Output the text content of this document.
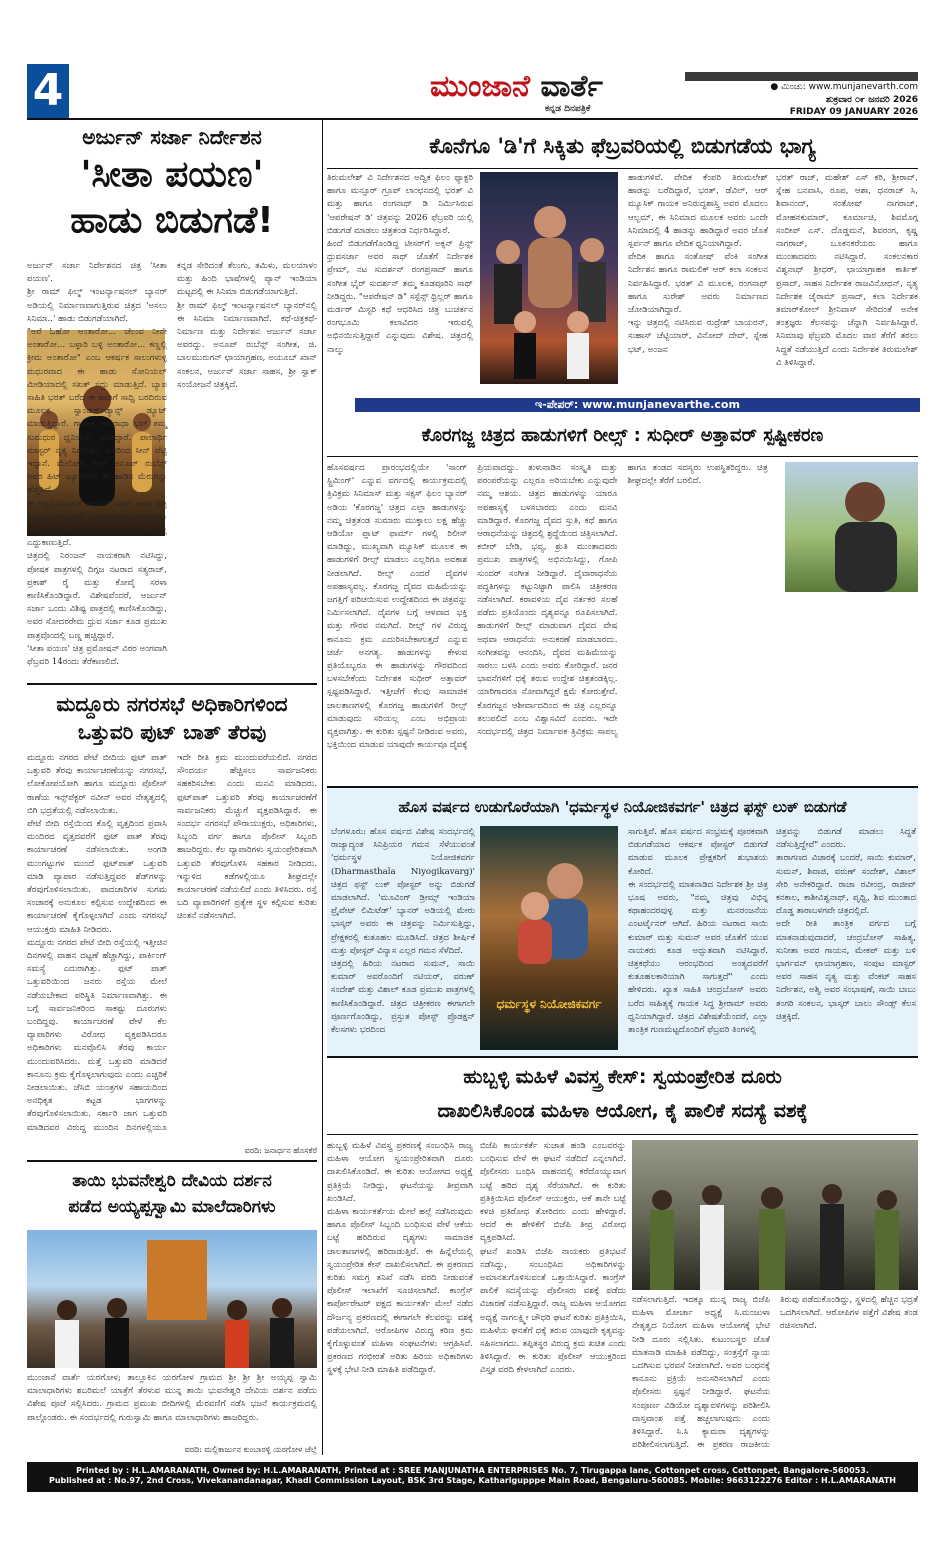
4	ಮುಂಜಾನೆ ವಾರ್ತೆ
ಕನ್ನಡ ದಿನಪತ್ರಿಕೆ
● ಮಿಂಚು: www.munjanevarth.com
ಶುಕ್ರವಾರ ೦೯ ಜನವರಿ 2026
FRIDAY 09 JANUARY 2026
ಅರ್ಜುನ್ ಸರ್ಜಾ ನಿರ್ದೇಶನ
'ಸೀತಾ ಪಯಣ'
ಹಾಡು ಬಿಡುಗಡೆ!
ಅರ್ಜುನ್ ಸರ್ಜಾ ನಿರ್ದೇಶನದ ಚಿತ್ರ 'ಸೀತಾ ಪಯಣ'.
ಶ್ರೀ ರಾಮ್ ಫಿಲ್ಮ್ ಇಂಟರ್ನ್ಯಾಷನಲ್ ಬ್ಯಾನರ್ ಅಡಿಯಲ್ಲಿ ನಿರ್ಮಾಣವಾಗುತ್ತಿರುವ ಚಿತ್ರದ 'ಅಸಲು ಸಿನಿಮಾ..' ಹಾಡು ಬಿಡುಗಡೆಯಾಗಿದೆ.
"ಅರೆ ಓಹೋ ಅಂತಾರೋ... ಚೆಲುವ ನೀನೇ ಅಂತಾರೋ... ಬಳ್ಳಾರಿ ಬಳ್ಳಿ ಅಂತಾರೋ... ಕಣ್ಣಲ್ಲಿ ಕ್ರೀಮ ಅಂತಾರೋ" ಎಂಬ ಆಕರ್ಷಕ ಸಾಲುಗಳುಳ್ಳ ಮಧುರವಾದ ಈ ಹಾಡು ಸೋನಿಯಲ್ ಮೀಡಿಯಾದಲ್ಲಿ ಸಖತ್ ಸದ್ದು ಮಾಡುತ್ತಿದೆ. ಬ್ಯಾಪ ಸಾಹಿತಿ ಭರತ್ ಬರೆದ ಈ ಹಾಡಿಗೆ ಸಾಧ್ವಿ ಬರದಿರುವ ಮೂಲಕ ಸ್ವಾಂಡರ್ಡ್‌ಡ್ಯಾನ್ಸ್ ಡ್ಯೂಟ್ ಮಾಡುತ್ತಿದ್ದಾರೆ. ಗಾಯಕ ಅನುರಾಧಾ ಭಟ್ ತಮ್ಮ ಸುಮಧುರ ಧ್ವನಿಯಲ್ಲಿ ಹಾಡಿದ್ದಾರೆ. ಪಾಲಾರ್ಥಿ ಮಾಸ್ಟರ್ ನೃತ್ಯ ನಿರ್ದೇಶಕ. ಐವರಿಂದ ಸೀನ್‌ ಪೆಟ್ಟಿ ಇದ್ದಾನೆ. ಮೆಲೋಡಿ ಕಿಂಗ್ ಅನೂಪ್ ರುಬೆನ್ಸ್ ಅವರ ಹಿಟ್ ಟ್ಯೂನ್‌ಗಳು ಈ ಹಾಡಿನ ಮೆರುಗನ್ನು ಹೆಚ್ಚಿಸಿವೆ.
ಈ ಚಿತ್ರದ ಮೂಲಕ ಅರ್ಜುನ್ ಸರ್ಜಾ ಅವರ ಪುತ್ರಿ ಐಶ್ವರ್ಯ ಅರ್ಜುನ್ ನಾಯಕಿಯಾಗಿ ನಟಿಸುತ್ತಿದ್ದು ಅವರ ಗ್ಲಾಮರ್ ಮತ್ತು ಸ್ಕ್ರೀನ್ ಪ್ರೆಸೆನ್ಸ್ ಹಾಡಿನಲ್ಲಿ ಎದ್ದುಕಾಣುತ್ತಿದೆ.
ಚಿತ್ರದಲ್ಲಿ ನಿರಂಜನ್ ನಾಯಕರಾಗಿ ನಟಿಸಿದ್ದು, ಪೋಷಕ ಪಾತ್ರಗಳಲ್ಲಿ ದಿಗ್ಗಜ ನಟರಾದ ಸತ್ಯರಾಜ್, ಪ್ರಕಾಶ್ ರೈ ಮತ್ತು ಕೋವೈ ಸರಳಾ ಕಾಣಿಸಿಕೊಂಡಿದ್ದಾರೆ. ವಿಶೇಷವೆಂದರೆ, ಅರ್ಜುನ್ ಸರ್ಜಾ ಒಂದು ವಿಶಿಷ್ಟ ಪಾತ್ರದಲ್ಲಿ ಕಾಣಿಸಿಕೊಂಡಿದ್ದು, ಅವರ ಸೋದರರೇಮ ಧ್ರುವ ಸರ್ಜಾ ಕೂಡ ಪ್ರಮುಖ ಪಾತ್ರವೊಂದಲ್ಲಿ ಬಣ್ಣ ಹಚ್ಚಿದ್ದಾರೆ.
'ಸೀತಾ ಪಯಣ' ಚಿತ್ರ ಪ್ರಮೋಷನ್ ವಿಠರ ಅಂಗವಾಗಿ ಫೆಬ್ರವರಿ 14ರಂದು ತೆರೆಕಾಣಲಿದೆ.
ಕನ್ನಡ ಸೇರಿದಂತೆ ತೆಲುಗು, ತಮಿಳು, ಮಲಯಾಳಂ ಮತ್ತು ಹಿಂದಿ ಭಾಷೆಗಳಲ್ಲಿ ಪ್ಯಾನ್ ಇಂಡಿಯಾ ಮಟ್ಟದಲ್ಲಿ ಈ ಸಿನಿಮಾ ಬಿಡುಗಡೆಯಾಗುತ್ತಿದೆ.
ಶ್ರೀ ರಾಮ್ ಫಿಲ್ಮ್ ಇಂಟರ್ನ್ಯಾಷನಲ್ ಬ್ಯಾನರ್‌ನಲ್ಲಿ ಈ ಸಿನಿಮಾ ನಿರ್ಮಾಣವಾಗಿದೆ. ಕಥೆ-ಚಿತ್ರಕಥೆ-ನಿರ್ಮಾಣ ಮತ್ತು ನಿರ್ದೇಶನ ಅರ್ಜುನ್ ಸರ್ಜಾ ಅವರದ್ದು. ಅನೂಪ್ ರುಬೆನ್ಸ್ ಸಂಗೀತ, ಜಿ. ಬಾಲಮುರುಗನ್ ಛಾಯಾಗ್ರಹಣ, ಅಯೂಬ್ ಖಾನ್ ಸಂಕಲನ, ಅರ್ಜುನ್ ಸರ್ಜಾ ಸಾಹಸ, ಶ್ರೀ ಸ್ವಾಕ್ ಸಂಯೋಜನೆ ಚಿತ್ರಕ್ಕಿದೆ.
ಮದ್ದೂರು ನಗರಸಭೆ ಅಧಿಕಾರಿಗಳಿಂದ
ಒತ್ತುವರಿ ಪುಟ್ ಬಾತ್ ತೆರವು
ಮದ್ದೂರು ನಗರದ ಪೇಟೆ ಬೀದಿಯ ಫುಟ್ ಪಾತ್ ಒತ್ತುವರಿ ತೆರವು ಕಾರ್ಯಾಚರಣೆಯನ್ನು ನಗರಸಭೆ, ಲೋಕೋಪಯೋಗಿ ಹಾಗೂ ಮದ್ದೂರು ಪೊಲೀಸ್ ಠಾಣೆಯ ಇನ್ಸ್‌ಪೆಕ್ಟರ್ ನವೀನ್ ಅವರ ನೇತೃತ್ವದಲ್ಲಿ ಬಿಗಿ ಭದ್ರತೆಯಲ್ಲಿ ನಡೆಸಲಾಯಿತು.
ಪೇಟೆ ಬೀದಿ ರಸ್ತೆಯಿಂದ ಕೊಲ್ಲಿ ವೃತ್ತದಿಂದ ಪ್ರವಾಸಿ ಮಂದಿರದ ವೃತ್ತದವರೆಗೆ ಫುಟ್ ಪಾತ್ ತೆರವು ಕಾರ್ಯಾಚರಣೆ ನಡೆಸಲಾಯಿತು. ಅಂಗಡಿ ಮುಂಗಟ್ಟುಗಳ ಮುಂದೆ ಫುಟ್‌ಪಾತ್ ಒತ್ತುವರಿ ಮಾಡಿ ವ್ಯಾಪಾರ ನಡೆಸುತ್ತಿದ್ದವರ ಶೆಡ್‌ಗಳನ್ನು ತೆರವುಗೊಳಿಸಲಾಯಿತು. ಪಾದಚಾರಿಗಳ ಸುಗಮ ಸಂಚಾರಕ್ಕೆ ಅನುಕೂಲ ಕಲ್ಪಿಸುವ ಉದ್ದೇಶದಿಂದ ಈ ಕಾರ್ಯಾಚರಣೆ ಕೈಗೊಳ್ಳಲಾಗಿದೆ ಎಂದು ನಗರಸಭೆ ಆಯುಕ್ತರು ಮಾಹಿತಿ ನೀಡಿದರು.
ಮದ್ದೂರು ನಗರದ ಪೇಟೆ ಬೀದಿ ರಸ್ತೆಯಲ್ಲಿ ಇತ್ತೀಚಿನ ದಿನಗಳಲ್ಲಿ ವಾಹನ ದಟ್ಟಣೆ ಹೆಚ್ಚಾಗಿದ್ದು, ಪಾರ್ಕಿಂಗ್ ಸಮಸ್ಯೆ ಎದುರಾಗಿತ್ತು. ಫುಟ್ ಪಾತ್ ಒತ್ತುವರಿಯಿಂದ ಜನರು ರಸ್ತೆಯ ಮೇಲೆ ನಡೆಯಬೇಕಾದ ಪರಿಸ್ಥಿತಿ ನಿರ್ಮಾಣವಾಗಿತ್ತು. ಈ ಬಗ್ಗೆ ಸಾರ್ವಜನಿಕರಿಂದ ಸಾಕಷ್ಟು ದೂರುಗಳು ಬಂದಿದ್ದವು. ಕಾರ್ಯಾಚರಣೆ ವೇಳೆ ಕೆಲ ವ್ಯಾಪಾರಿಗಳು ವಿರೋಧ ವ್ಯಕ್ತಪಡಿಸಿದರೂ ಅಧಿಕಾರಿಗಳು ಮನವೊಲಿಸಿ ತೆರವು ಕಾರ್ಯ ಮುಂದುವರಿಸಿದರು. ಮತ್ತೆ ಒತ್ತುವರಿ ಮಾಡಿದರೆ ಕಾನೂನು ಕ್ರಮ ಕೈಗೊಳ್ಳಲಾಗುವುದು ಎಂದು ಎಚ್ಚರಿಕೆ ನೀಡಲಾಯಿತು. ಜೆಸಿಬಿ ಯಂತ್ರಗಳ ಸಹಾಯದಿಂದ ಅನಧಿಕೃತ ಕಟ್ಟಡ ಭಾಗಗಳನ್ನು ತೆರವುಗೊಳಿಸಲಾಯಿತು. ಸರ್ಕಾರಿ ಜಾಗ ಒತ್ತುವರಿ ಮಾಡಿದವರ ವಿರುದ್ಧ ಮುಂದಿನ ದಿನಗಳಲ್ಲಿಯೂ ಇದೇ ರೀತಿ ಕ್ರಮ ಮುಂದುವರೆಯಲಿದೆ. ನಗರದ ಸೌಂದರ್ಯ ಹೆಚ್ಚಿಸಲು ಸಾರ್ವಜನಿಕರು ಸಹಕರಿಸಬೇಕು ಎಂದು ಮನವಿ ಮಾಡಿದರು. ಫುಟ್‌ಪಾತ್ ಒತ್ತುವರಿ ತೆರವು ಕಾರ್ಯಾಚರಣೆಗೆ ಸಾರ್ವಜನಿಕರು ಮೆಚ್ಚುಗೆ ವ್ಯಕ್ತಪಡಿಸಿದ್ದಾರೆ. ಈ ಸಂದರ್ಭ ನಗರಸಭೆ ಪೌರಾಯುಕ್ತರು, ಅಧಿಕಾರಿಗಳು, ಸಿಬ್ಬಂದಿ ವರ್ಗ ಹಾಗೂ ಪೊಲೀಸ್ ಸಿಬ್ಬಂದಿ ಹಾಜರಿದ್ದರು. ಕೆಲ ವ್ಯಾಪಾರಿಗಳು ಸ್ವಯಂಪ್ರೇರಿತವಾಗಿ ಒತ್ತುವರಿ ತೆರವುಗೊಳಿಸಿ ಸಹಕಾರ ನೀಡಿದರು. ಇನ್ನುಳಿದ ಕಡೆಗಳಲ್ಲಿಯೂ ಶೀಘ್ರದಲ್ಲೇ ಕಾರ್ಯಾಚರಣೆ ನಡೆಯಲಿದೆ ಎಂದು ತಿಳಿಸಿದರು. ರಸ್ತೆ ಬದಿ ವ್ಯಾಪಾರಿಗಳಿಗೆ ಪ್ರತ್ಯೇಕ ಸ್ಥಳ ಕಲ್ಪಿಸುವ ಕುರಿತು ಚಿಂತನೆ ನಡೆಸಲಾಗಿದೆ.
ವರದಿ: ಜನಾರ್ಧನ ಹೊಸಕೆರೆ
ತಾಯಿ ಭುವನೇಶ್ವರಿ ದೇವಿಯ ದರ್ಶನ
ಪಡೆದ ಅಯ್ಯಪ್ಪಸ್ವಾಮಿ ಮಾಲೆದಾರಿಗಳು
ಮುಂಜಾನೆ ವಾರ್ತೆ ಯರಗೋಳ; ತಾಲ್ಲೂಕಿನ ಯರಗೋಳ ಗ್ರಾಮದ ಶ್ರೀ ಶ್ರೀ ಶ್ರೀ ಅಯ್ಯಪ್ಪ ಸ್ವಾಮಿ ಮಾಲಾಧಾರಿಗಳು ಶಬರಿಮಲೆ ಯಾತ್ರೆಗೆ ತೆರಳುವ ಮುನ್ನ ತಾಯಿ ಭುವನೇಶ್ವರಿ ದೇವಿಯ ದರ್ಶನ ಪಡೆದು ವಿಶೇಷ ಪೂಜೆ ಸಲ್ಲಿಸಿದರು. ಗ್ರಾಮದ ಪ್ರಮುಖ ಬೀದಿಗಳಲ್ಲಿ ಮೆರವಣಿಗೆ ನಡೆಸಿ ಭಜನೆ ಕಾರ್ಯಕ್ರಮದಲ್ಲಿ ಪಾಲ್ಗೊಂಡರು. ಈ ಸಂದರ್ಭದಲ್ಲಿ ಗುರುಸ್ವಾಮಿ ಹಾಗೂ ಮಾಲಾಧಾರಿಗಳು ಹಾಜರಿದ್ದರು.
ವರದಿ: ಮಲ್ಲಿಕಾರ್ಜುನ ಕುಂಬಾರಳ್ಳಿ ಯರಗೋಳ ಜೆಲ್ಲೆ
ಕೊನೆಗೂ 'ಡಿ'ಗೆ ಸಿಕ್ಕಿತು ಫೆಬ್ರವರಿಯಲ್ಲಿ ಬಿಡುಗಡೆಯ ಭಾಗ್ಯ
ತಿರುಮಲೇಶ್ ವಿ ನಿರ್ದೇಶನದ ಅದ್ವಿಕ ಫಿಲಂ ಫ್ಯಾಕ್ಟರಿ ಹಾಗೂ ಮನ್ಸೂರ್ ಗ್ರೂಪ್ ಲಾಂಛನದಲ್ಲಿ ಭರತ್ ವಿ ಮತ್ತು ಹಾಗೂ ರಂಗನಾಥ್ ಡಿ ನಿರ್ಮಿಸಿರುವ 'ಆಪರೇಷನ್ ಡಿ' ಚಿತ್ರವನ್ನು 2026 ಫೆಬ್ರವರಿ ಯಲ್ಲಿ ಬಿಡುಗಡೆ ಮಾಡಲು ಚಿತ್ರತಂಡ ನಿರ್ಧರಿಸಿದ್ದಾರೆ.
ಹಿಂದೆ ಬಿಡುಗಡೆಗೊಂಡಿದ್ದ ಟೀಸರ್‌ಗೆ ಅಕ್ಸನ್ ಪ್ರಿನ್ಸ್ ಧ್ರುವಸರ್ಜಾ ಅವರ ಸಾಥ್ ಜೊತೆಗೆ ನಿರ್ದೇಶಕ ಪ್ರೇಮ್, ನಟ ಸುದರ್ಶನ್ ರಂಗಪ್ರಸಾದ್ ಹಾಗೂ ಸಂಗೀತ ಭೈರ್ ಸುದರ್ಶನ್ ತಮ್ಮ ಕೂಡವೂರಿನಿ ಸಾಥ್ ನೀಡಿದ್ದರು. "ಆಪರೇಷನ್ ಡಿ" ಸಸ್ಪೆನ್ಸ್ ಥ್ರಿಲ್ಲರ್ ಹಾಗೂ ಮರ್ಡರ್ ಮಿಸ್ಟರಿ ಕಥೆ ಆಧರಿಸಿದ ಚಿತ್ರ ಬುಚರ್ತನ ರಂಗಭೂಮಿ ಕಲಾವಿದರ ಇರುವಲ್ಲಿ ಅಭಿನಯಿಸುತ್ತಿದ್ದಾರೆ ಎನ್ನುವುದು ವಿಶೇಷ. ಚಿತ್ರದಲ್ಲಿ ನಾಲ್ಕು
ಹಾಡುಗಳಿವೆ. ವೇದಿಕ ಕೆಂಪರಿ ತಿರುಮಲೇಶ್ ಹಾಡನ್ನು ಬರೆದಿದ್ದಾರೆ, ಭರತ್, ಡೆವಿಲ್, ಆರ್ ಮ್ಯೂಸಿಕ್ ಗಾಯಕ ಅನಿರುದ್ಧಶಾಸ್ತ್ರಿ ಅವರ ಮೊದಲು ಆಲ್ಬಮ್, ಈ ಸಿನಿಮಾದ ಮೂಲಕ ಅವರು ಒಂದೇ ಸಿನಿಮಾದಲ್ಲಿ 4 ಹಾಡನ್ನು ಹಾಡಿದ್ದಾರೆ ಅವರ ಜೊತೆ ಸ್ಪರ್ಪನ್ ಹಾಗೂ ವೇದಿಕ ಧ್ವನಿಯಾಗಿದ್ದಾರೆ.
ವೇದಿಕ ಹಾಗೂ ಸಂತೋಷ್ ವೆಂಕಿ ಸಂಗೀತ ನಿರ್ದೇಶನ ಹಾಗೂ ರಾಮಲಿಕ್ ಆರ್ ಕಲಾ ಸಂಕಲನ ನಿರ್ವಹಿಸಿದ್ದಾರೆ. ಭರತ್ ವಿ ಮೂಲಕ, ರಂಗನಾಥ್ ಹಾಗೂ ಸುರೇಶ್ ಅವರು ನಿರ್ಮಾಣದ ಜೋಡಿಯಾಗಿದ್ದಾರೆ.
ಇನ್ನು ಚಿತ್ರದಲ್ಲಿ ನಟಿಸಿರುವ ರುದ್ರೇಶ್ ಬಾಯರನ್, ಸುಹಾಸ್ ಚೆಟ್ಟಿಯಾರ್, ವಿನೋದ್ ದೇವ್, ಸ್ನೇಹ ಭಟ್, ಅಂಜನ
ಭರತ್ ರಾಜ್, ಮಹೇಶ್ ಎಸ್ ಕರಿ, ಶ್ರೀರಾವ್, ಸ್ನೇಹ ಬನವಾಸಿ, ರೂಪ, ಆಶಾ, ಧನರಾಜ್ ಸಿ, ಶಿವಾನಂದ್, ಸಂತೋಷ್ ನಾಗರಾಜ್, ಮೋಹನಕುಮಾರ್, ಕೂರ್ಮಾಚಿ, ಶಿವಮೊಗ್ಗ ಸಂದೀಪ್ ಎಸ್. ದೊಡ್ಡಮನೆ, ಶಿವರಂಗ, ಕೃಷ್ಣ ನಾಗರಾಜ್, ಬೂಕನಕರೆಯರು ಹಾಗೂ ಮುಂತಾದವರು ನಟಿಸಿದ್ದಾರೆ. ಸಂಕಲನಕಾರ ವಿಶ್ವನಾಥ್ ಶ್ರೀಧರ್, ಛಾಯಾಗ್ರಾಹಕ ಕಾರ್ತಿಕ್ ಪ್ರಸಾದ್, ಸಾಹಸ ನಿರ್ದೇಶಕ ರಾಜವಿನೋಧನ್, ನೃತ್ಯ ನಿರ್ದೇಶಕ ಜೈರಾಮ್ ಪ್ರಸಾದ್, ಕಲಾ ನಿರ್ದೇಶಕ ತಮಾರ್‌ಕೋಲ್ ಶ್ರೀನಿವಾಸ್ ಸೇರಿದಂತೆ ಅನೇಕ ತಂತ್ರಜ್ಞರು ಕೆಲಸವನ್ನು ಚೆನ್ನಾಗಿ ನಿರ್ವಹಿಸಿದ್ದಾರೆ. ಸಿನಿಮಾವು ಫೆಬ್ರವರಿ ಮೊದಲ ವಾರ ತೆರೆಗೆ ತರಲು ಸಿದ್ಧತೆ ನಡೆಯುತ್ತಿದೆ ಎಂದು ನಿರ್ದೇಶಕ ತಿರುಮಲೇಶ್ ವಿ ತಿಳಿಸಿದ್ದಾರೆ.
ಇ-ಪೇಪರ್: www.munjanevarthe.com
ಕೊರಗಜ್ಜ ಚಿತ್ರದ ಹಾಡುಗಳಿಗೆ ರೀಲ್ಸ್ : ಸುಧೀರ್ ಅತ್ತಾವರ್ ಸ್ಪಷ್ಟೀಕರಣ
ಹೊಸವರ್ಷದ ಪ್ರಾರಂಭದಲ್ಲಿಯೇ 'ಸಾಂಗ್ ಸ್ಟ್ರಿಮಿಂಗ್' ಎನ್ನುವ ವರ್ಗದಲ್ಲಿ ಕಾರ್ಯಕ್ರಮದಲ್ಲಿ ತ್ರಿವಿಕ್ರಮ ಸಿನಿಮಾಸ್ ಮತ್ತು ಸಕ್ಸಸ್ ಫಿಲಂ ಬ್ಯಾನರ್ ಅಡಿಯ 'ಕೊರಗಜ್ಜ' ಚಿತ್ರದ ಎಲ್ಲಾ ಹಾಡುಗಳನ್ನು ನಮ್ಮ ಚಿತ್ರತಂಡ ಸುಮಾರು ಮುಕ್ಕಾಲು ಲಕ್ಷ ಹೆಚ್ಚು ಆಡಿಯೋ ಪ್ಲಾಟ್ ಫಾರ್ಮ್ ಗಳಲ್ಲಿ ರಿಲೀಸ್ ಮಾಡಿದ್ದು, ಮುಖ್ಯವಾಗಿ ಮ್ಯೂಸಿಕ್ ಮೂಲಕ ಈ ಹಾಡುಗಳಿಗೆ ರೀಲ್ಸ್ ಮಾಡಲು ಎಲ್ಲರಿಗೂ ಅವಕಾಶ ನೀಡಲಾಗಿದೆ. ರೀಲ್ಸ್ ಎಂದರೆ ದೈವಗಳ ಅಪಹಾಸ್ಯವಲ್ಲ. ಕೊರಗಜ್ಜ ದೈವದ ಮಹಿಮೆಯನ್ನು ಜಗತ್ತಿಗೆ ಪರಿಚಯಿಸುವ ಉದ್ದೇಶದಿಂದ ಈ ಚಿತ್ರವನ್ನು ನಿರ್ಮಿಸಲಾಗಿದೆ. ದೈವಗಳ ಬಗ್ಗೆ ಆಳವಾದ ಭಕ್ತಿ ಮತ್ತು ಗೌರವ ನಮಗಿದೆ. ರೀಲ್ಸ್ ಗಳ ವಿರುದ್ಧ ಕಾನೂನು ಕ್ರಮ ಎದುರಿಸಬೇಕಾಗುತ್ತದೆ ಎನ್ನುವ ಚರ್ಚೆ ಅನಗತ್ಯ. ಹಾಡುಗಳನ್ನು ಕೇಳುವ ಪ್ರತಿಯೊಬ್ಬರೂ ಈ ಹಾಡುಗಳನ್ನು ಗೌರವದಿಂದ ಬಳಸಬೇಕೆಂದು ನಿರ್ದೇಶಕ ಸುಧೀರ್ ಅತ್ತಾವರ್ ಸ್ಪಷ್ಟಪಡಿಸಿದ್ದಾರೆ. ಇತ್ತೀಚೆಗೆ ಕೆಲವು ಸಾಮಾಜಿಕ ಜಾಲತಾಣಗಳಲ್ಲಿ ಕೊರಗಜ್ಜ ಹಾಡುಗಳಿಗೆ ರೀಲ್ಸ್ ಮಾಡುವುದು ಸರಿಯಲ್ಲ ಎಂಬ ಅಭಿಪ್ರಾಯ ವ್ಯಕ್ತವಾಗಿತ್ತು. ಈ ಕುರಿತು ಸ್ಪಷ್ಟನೆ ನೀಡಿರುವ ಅವರು, ಭಕ್ತಿಯಿಂದ ಮಾಡುವ ಯಾವುದೇ ಕಾರ್ಯವೂ ದೈವಕ್ಕೆ ಪ್ರಿಯವಾದದ್ದು. ತುಳುನಾಡಿನ ಸಂಸ್ಕೃತಿ ಮತ್ತು ಪರಂಪರೆಯನ್ನು ಎಲ್ಲರೂ ಅರಿಯಬೇಕು ಎನ್ನುವುದೇ ನಮ್ಮ ಆಶಯ. ಚಿತ್ರದ ಹಾಡುಗಳನ್ನು ಯಾರೂ ಅಪಹಾಸ್ಯಕ್ಕೆ ಬಳಸಬಾರದು ಎಂದು ಮನವಿ ಮಾಡಿದ್ದಾರೆ. ಕೊರಗಜ್ಜ ದೈವದ ಸ್ತುತಿ, ಕಥೆ ಹಾಗೂ ಆರಾಧನೆಯನ್ನು ಚಿತ್ರದಲ್ಲಿ ಶ್ರದ್ಧೆಯಿಂದ ಚಿತ್ರಿಸಲಾಗಿದೆ. ಕಬೀರ್ ಬೇಡಿ, ಭವ್ಯ, ಶ್ರುತಿ ಮುಂತಾದವರು ಪ್ರಮುಖ ಪಾತ್ರಗಳಲ್ಲಿ ಅಭಿನಯಿಸಿದ್ದು, ಗೋಪಿ ಸುಂದರ್ ಸಂಗೀತ ನೀಡಿದ್ದಾರೆ. ದೈವಾರಾಧನೆಯ ಪದ್ಧತಿಗಳನ್ನು ಕಟ್ಟುನಿಟ್ಟಾಗಿ ಪಾಲಿಸಿ ಚಿತ್ರೀಕರಣ ನಡೆಸಲಾಗಿದೆ. ಕರಾವಳಿಯ ದೈವ ನರ್ತಕರ ಸಲಹೆ ಪಡೆದು ಪ್ರತಿಯೊಂದು ದೃಶ್ಯವನ್ನೂ ರೂಪಿಸಲಾಗಿದೆ. ಹಾಡುಗಳಿಗೆ ರೀಲ್ಸ್ ಮಾಡುವಾಗ ದೈವದ ವೇಷ ಅಥವಾ ಆರಾಧನೆಯ ಅನುಕರಣೆ ಮಾಡಬಾರದು. ಸಂಗೀತವನ್ನು ಆನಂದಿಸಿ, ದೈವದ ಮಹಿಮೆಯನ್ನು ಸಾರಲು ಬಳಸಿ ಎಂದು ಅವರು ಕೋರಿದ್ದಾರೆ. ಜನರ ಭಾವನೆಗಳಿಗೆ ಧಕ್ಕೆ ತರುವ ಉದ್ದೇಶ ಚಿತ್ರತಂಡಕ್ಕಿಲ್ಲ. ಯಾರಿಗಾದರೂ ನೋವಾಗಿದ್ದರೆ ಕ್ಷಮೆ ಕೋರುತ್ತೇವೆ. ಕೊರಗಜ್ಜನ ಆಶೀರ್ವಾದದಿಂದ ಈ ಚಿತ್ರ ಎಲ್ಲರನ್ನೂ ತಲುಪಲಿದೆ ಎಂಬ ವಿಶ್ವಾಸವಿದೆ ಎಂದರು. ಇದೇ ಸಂದರ್ಭದಲ್ಲಿ ಚಿತ್ರದ ನಿರ್ಮಾಪಕ ತ್ರಿವಿಕ್ರಮ ಸಾಪಲ್ಯ ಹಾಗೂ ತಂಡದ ಸದಸ್ಯರು ಉಪಸ್ಥಿತರಿದ್ದರು. ಚಿತ್ರ ಶೀಘ್ರದಲ್ಲೇ ತೆರೆಗೆ ಬರಲಿದೆ.
ಹೊಸ ವರ್ಷದ ಉಡುಗೊರೆಯಾಗಿ 'ಧರ್ಮಸ್ಥಳ ನಿಯೋಜಿಕವರ್ಗ' ಚಿತ್ರದ ಫಸ್ಟ್ ಲುಕ್ ಬಿಡುಗಡೆ
ಧರ್ಮಸ್ಥಳ ನಿಯೋಜಿಕವರ್ಗ
ಬೆಂಗಳೂರು: ಹೊಸ ವರ್ಷದ ವಿಶೇಷ ಸಂದರ್ಭದಲ್ಲಿ ರಾಜ್ಯಾದ್ಯಂತ ಸಿನಿಪ್ರಿಯರ ಗಮನ ಸೆಳೆಯುವಂತೆ 'ಧರ್ಮಸ್ಥಳ ನಿಯೋಜಿಕವರ್ಗ (Dharmasthala Niyogikavarg)' ಚಿತ್ರದ ಫಸ್ಟ್ ಲುಕ್ ಪೋಸ್ಟರ್ ಅನ್ನು ಬಿಡುಗಡೆ ಮಾಡಲಾಗಿದೆ. 'ಮೂವಿಂಗ್ ಡ್ರೀಮ್ಸ್ ಇಂಡಿಯಾ ಪ್ರೈವೇಟ್ ಲಿಮಿಟೆಡ್' ಬ್ಯಾನರ್ ಅಡಿಯಲ್ಲಿ ಮೇರು ಭಾಸ್ಕರ್ ಅವರು ಈ ಚಿತ್ರವನ್ನು ನಿರ್ಮಿಸುತ್ತಿದ್ದು, ಪ್ರೇಕ್ಷಕರಲ್ಲಿ ಕುತೂಹಲ ಮೂಡಿಸಿದೆ. ಚಿತ್ರದ ಶೀರ್ಷಿಕೆ ಮತ್ತು ಪೋಸ್ಟರ್ ವಿನ್ಯಾಸ ಎಲ್ಲರ ಗಮನ ಸೆಳೆದಿದೆ.
ಚಿತ್ರದಲ್ಲಿ ಹಿರಿಯ ನಟರಾದ ಸುಮನ್, ಸಾಯಿ ಕುಮಾರ್ ಅವರೊಂದಿಗೆ ನಟಿಯರ್, ವರುಣ್ ಸಂದೇಶ್ ಮತ್ತು ವಿಶಾಲ್ ಕೂಡ ಪ್ರಮುಖ ಪಾತ್ರಗಳಲ್ಲಿ ಕಾಣಿಸಿಕೊಂಡಿದ್ದಾರೆ. ಚಿತ್ರದ ಚಿತ್ರೀಕರಣ ಈಗಾಗಲೇ ಪೂರ್ಣಗೊಂಡಿದ್ದು, ಪ್ರಸ್ತುತ ಪೋಸ್ಟ್ ಪ್ರೊಡಕ್ಷನ್ ಕೆಲಸಗಳು ಭರದಿಂದ
ಸಾಗುತ್ತಿವೆ. ಹೊಸ ವರ್ಷದ ಸಂಭ್ರಮಕ್ಕೆ ಪೂರಕವಾಗಿ ಬಿಡುಗಡೆಯಾದ ಆಕರ್ಷಕ ಪೋಸ್ಟರ್ ಬಿಡುಗಡೆ ಮಾಡುವ ಮೂಲಕ ಪ್ರೇಕ್ಷಕರಿಗೆ ಶುಭಾಶಯ ಕೋರಿದೆ.
ಈ ಸಂದರ್ಭದಲ್ಲಿ ಮಾತನಾಡಿದ ನಿರ್ದೇಶಕ ಶ್ರೀ ಚಿತ್ರ ಭೂಷ ಅವರು, "ನಮ್ಮ ಚಿತ್ರವು ವಿಭಿನ್ನ ಕಥಾಹಂದರವುಳ್ಳ ಮತ್ತು ಮನರಂಜನೆಯ ಎಂಟರ್ಟೈನರ್ ಆಗಿದೆ. ಹಿರಿಯ ನಟರಾದ ಸಾಯಿ ಕುಮಾರ್ ಮತ್ತು ಸುಮನ್ ಅವರ ಜೊತೆಗೆ ಯುವ ನಾಯಕರು ಕೂಡ ಅದ್ಭುತವಾಗಿ ನಟಿಸಿದ್ದಾರೆ. ಚಿತ್ರಕಥೆಯು ಆರಂಭದಿಂದ ಅಂತ್ಯದವರೆಗೆ ಕುತೂಹಲಕಾರಿಯಾಗಿ ಸಾಗುತ್ತದೆ" ಎಂದು ಹೇಳಿದರು. ಖ್ಯಾತ ಸಾಹಿತಿ ಚಂದ್ರಬೋಸ್ ಅವರು ಬರೆದ ಸಾಹಿತ್ಯಕ್ಕೆ ಗಾಯಕ ಸಿದ್ಧ ಶ್ರೀರಾಮ್ ಅವರು ಧ್ವನಿಯಾಗಿದ್ದಾರೆ. ಚಿತ್ರದ ವಿಶೇಷತೆಯೆಂದರೆ, ಎಲ್ಲಾ ತಾಂತ್ರಿಕ ಗುಣಮಟ್ಟದೊಂದಿಗೆ ಫೆಬ್ರವರಿ ತಿಂಗಳಲ್ಲಿ
ಚಿತ್ರವನ್ನು ಬಿಡುಗಡೆ ಮಾಡಲು ಸಿದ್ಧತೆ ನಡೆಸುತ್ತಿದ್ದೇವೆ" ಎಂದರು.
ತಾರಾಗಣದ ವಿಚಾರಕ್ಕೆ ಬಂದರೆ, ಸಾಯಿ ಕುಮಾರ್, ಸುಮನ್, ಶಿವಾಜಿ, ವರುಣ್ ಸಂದೇಶ್, ವಿಶಾಲ್ ಸೇರಿ ಅನೇಕರಿದ್ದಾರೆ. ರಾಜಾ ರವೀಂದ್ರ, ರಾಜೀವ್ ಕನಕಾಲ, ಕಾಶೀವಿಶ್ವನಾಥ್, ಪೃಥ್ವಿ, ಶಿವ ಮುಂತಾದ ದೊಡ್ಡ ತಾರಾಬಳಗವೇ ಚಿತ್ರದಲ್ಲಿದೆ.
ಅದೇ ರೀತಿ ತಾಂತ್ರಿಕ ವರ್ಗದ ಬಗ್ಗೆ ಮಾತನಾಡುವುದಾದರೆ, ಚಂದ್ರಬೋಸ್ ಸಾಹಿತ್ಯ, ಸುನೀತಾ ಅವರ ಗಾಯನ, ಮೇಕಪ್ ಮತ್ತು ಬಳಿ ಭಾರ್ಗವನ್ ಛಾಯಾಗ್ರಹಣ, ಸಂಪುಟ ಮಾಸ್ಟರ್ ಅವರ ಸಾಹಸ ನೃತ್ಯ ಮತ್ತು ವೆಂಕಟ್ ಸಾಹಸ ನಿರ್ದೇಶನ, ಅಶ್ವಿ ಅವರ ಸಂಭಾಷಣೆ, ಸಾಯಿ ಬಾಬು ತಂಗರಿ ಸಂಕಲನ, ಭಾಸ್ಕರ್ ಬಾಲು ಸೌಂಡ್ಸ್ ಕೆಲಸ ಚಿತ್ರಕ್ಕಿದೆ.
ಹುಬ್ಬಳ್ಳಿ ಮಹಿಳೆ ವಿವಸ್ತ್ರ ಕೇಸ್: ಸ್ವಯಂಪ್ರೇರಿತ ದೂರು
ದಾಖಲಿಸಿಕೊಂಡ ಮಹಿಳಾ ಆಯೋಗ, ಕೈ ಪಾಲಿಕೆ ಸದಸ್ಯೆ ವಶಕ್ಕೆ
ಹುಬ್ಬಳ್ಳಿ ಮಹಿಳೆ ವಿವಸ್ತ್ರ ಪ್ರಕರಣಕ್ಕೆ ಸಂಬಂಧಿಸಿ ರಾಜ್ಯ ಮಹಿಳಾ ಆಯೋಗ ಸ್ವಯಂಪ್ರೇರಿತವಾಗಿ ದೂರು ದಾಖಲಿಸಿಕೊಂಡಿದೆ. ಈ ಕುರಿತು ಆಯೋಗದ ಅಧ್ಯಕ್ಷೆ ಪ್ರತಿಕ್ರಿಯೆ ನೀಡಿದ್ದು, ಘಟನೆಯನ್ನು ತೀವ್ರವಾಗಿ ಖಂಡಿಸಿದೆ.
ಮಹಿಳಾ ಕಾರ್ಯಕರ್ತೆಯ ಮೇಲೆ ಹಲ್ಲೆ ನಡೆಸಿರುವುದು ಹಾಗೂ ಪೊಲೀಸ್ ಸಿಬ್ಬಂದಿ ಬಂಧಿಸುವ ವೇಳೆ ಆಕೆಯ ಬಟ್ಟೆ ಹರಿದಿರುವ ದೃಶ್ಯಗಳು ಸಾಮಾಜಿಕ ಜಾಲತಾಣಗಳಲ್ಲಿ ಹರಿದಾಡುತ್ತಿವೆ. ಈ ಹಿನ್ನೆಲೆಯಲ್ಲಿ ಸ್ವಯಂಪ್ರೇರಿತ ಕೇಸ್ ದಾಖಲಿಸಲಾಗಿದೆ. ಈ ಪ್ರಕರಣದ ಕುರಿತು ಸಮಗ್ರ ತನಿಖೆ ನಡೆಸಿ ವರದಿ ನೀಡುವಂತೆ ಪೊಲೀಸ್ ಇಲಾಖೆಗೆ ಸೂಚಿಸಲಾಗಿದೆ. ಕಾಂಗ್ರೆಸ್ ಕಾರ್ಪೋರೇಟರ್ ಪಕ್ಷದ ಕಾರ್ಯಕರ್ತೆ ಮೇಲೆ ನಡೆದ ದೌರ್ಜನ್ಯ ಪ್ರಕರಣದಲ್ಲಿ ಈಗಾಗಲೇ ಕೆಲವರನ್ನು ವಶಕ್ಕೆ ಪಡೆಯಲಾಗಿದೆ. ಆರೋಪಿಗಳ ವಿರುದ್ಧ ಕಠಿಣ ಕ್ರಮ ಕೈಗೊಳ್ಳುವಂತೆ ಮಹಿಳಾ ಸಂಘಟನೆಗಳು ಆಗ್ರಹಿಸಿವೆ. ಪ್ರಕರಣದ ಗಂಭೀರತೆ ಅರಿತು ಹಿರಿಯ ಅಧಿಕಾರಿಗಳು ಸ್ಥಳಕ್ಕೆ ಭೇಟಿ ನೀಡಿ ಮಾಹಿತಿ ಪಡೆದಿದ್ದಾರೆ.
ಬಿಜೆಪಿ ಕಾರ್ಯಕರ್ತೆ ಸುಜಾತ ಹಂಡಿ ಎಂಬವರನ್ನು ಬಂಧಿಸುವ ವೇಳೆ ಈ ಘಟನೆ ನಡೆದಿದೆ ಎನ್ನಲಾಗಿದೆ. ಪೊಲೀಸರು ಬಂಧಿಸಿ ವಾಹನದಲ್ಲಿ ಕರೆದೊಯ್ಯುವಾಗ ಬಟ್ಟೆ ಹರಿದ ದೃಶ್ಯ ಸೆರೆಯಾಗಿದೆ. ಈ ಕುರಿತು ಪ್ರತಿಕ್ರಿಯಿಸಿದ ಪೊಲೀಸ್ ಆಯುಕ್ತರು, ಆಕೆ ತಾನೇ ಬಟ್ಟೆ ಕಳಚಿ ಪ್ರತಿರೋಧ ತೋರಿದರು ಎಂದು ಹೇಳಿದ್ದಾರೆ. ಆದರೆ ಈ ಹೇಳಿಕೆಗೆ ಬಿಜೆಪಿ ತೀವ್ರ ವಿರೋಧ ವ್ಯಕ್ತಪಡಿಸಿದೆ.
ಘಟನೆ ಖಂಡಿಸಿ ಬಿಜೆಪಿ ನಾಯಕರು ಪ್ರತಿಭಟನೆ ನಡೆಸಿದ್ದು, ಸಂಬಂಧಿಸಿದ ಅಧಿಕಾರಿಗಳನ್ನು ಅಮಾನತುಗೊಳಿಸುವಂತೆ ಒತ್ತಾಯಿಸಿದ್ದಾರೆ. ಕಾಂಗ್ರೆಸ್ ಪಾಲಿಕೆ ಸದಸ್ಯೆಯನ್ನು ಪೊಲೀಸರು ವಶಕ್ಕೆ ಪಡೆದು ವಿಚಾರಣೆ ನಡೆಸುತ್ತಿದ್ದಾರೆ. ರಾಜ್ಯ ಮಹಿಳಾ ಆಯೋಗದ ಅಧ್ಯಕ್ಷೆ ನಾಗಲಕ್ಷ್ಮೀ ಚೌಧರಿ ಘಟನೆ ಕುರಿತು ಪ್ರತಿಕ್ರಿಯಿಸಿ, ಮಹಿಳೆಯ ಘನತೆಗೆ ಧಕ್ಕೆ ತರುವ ಯಾವುದೇ ಕೃತ್ಯವನ್ನು ಸಹಿಸಲಾಗದು. ತಪ್ಪಿತಸ್ಥರ ವಿರುದ್ಧ ಕ್ರಮ ಖಚಿತ ಎಂದು ತಿಳಿಸಿದ್ದಾರೆ. ಈ ಕುರಿತು ಪೊಲೀಸ್ ಆಯುಕ್ತರಿಂದ ವಿಸ್ತೃತ ವರದಿ ಕೇಳಲಾಗಿದೆ ಎಂದರು.
ನಡೆಸಲಾಗುತ್ತಿದೆ. ಇದಕ್ಕೂ ಮುನ್ನ ರಾಜ್ಯ ಬಿಜೆಪಿ ಮಹಿಳಾ ಮೋರ್ಚಾ ಅಧ್ಯಕ್ಷೆ ಸಿ.ಮಂಜುಳಾ ನೇತೃತ್ವದ ನಿಯೋಗ ಮಹಿಳಾ ಆಯೋಗಕ್ಕೆ ಭೇಟಿ ನೀಡಿ ದೂರು ಸಲ್ಲಿಸಿತು. ಕುಟುಂಬಸ್ಥರ ಜೊತೆ ಮಾತನಾಡಿ ಮಾಹಿತಿ ಪಡೆದಿದ್ದು, ಸಂತ್ರಸ್ತೆಗೆ ನ್ಯಾಯ ಒದಗಿಸುವ ಭರವಸೆ ನೀಡಲಾಗಿದೆ. ಅವರ ಬಂಧನಕ್ಕೆ ಕಾನೂನು ಪ್ರಕ್ರಿಯೆ ಅನುಸರಿಸಲಾಗಿದೆ ಎಂದು ಪೊಲೀಸರು ಸ್ಪಷ್ಟನೆ ನೀಡಿದ್ದಾರೆ. ಘಟನೆಯ ಸಂಪೂರ್ಣ ವಿಡಿಯೋ ದೃಶ್ಯಾವಳಿಗಳನ್ನು ಪರಿಶೀಲಿಸಿ ವಾಸ್ತವಾಂಶ ಪತ್ತೆ ಹಚ್ಚಲಾಗುವುದು ಎಂದು ತಿಳಿಸಿದ್ದಾರೆ. ಸಿ.ಸಿ ಕ್ಯಾಮರಾ ದೃಶ್ಯಗಳನ್ನು ಪರಿಶೀಲಿಸಲಾಗುತ್ತಿದೆ. ಈ ಪ್ರಕರಣ ರಾಜಕೀಯ ತಿರುವು ಪಡೆದುಕೊಂಡಿದ್ದು, ಸ್ಥಳದಲ್ಲಿ ಹೆಚ್ಚಿನ ಭದ್ರತೆ ಒದಗಿಸಲಾಗಿದೆ. ಆರೋಪಿಗಳ ಪತ್ತೆಗೆ ವಿಶೇಷ ತಂಡ ರಚಿಸಲಾಗಿದೆ.
Printed by : H.L.AMARANATH, Owned by: H.L.AMARANATH, Printed at : SREE MANJUNATHA ENTERPRISES No. 7, Tirugappa lane, Cottonpet cross, Cottonpet, Bangalore-560053.
Published at : No.97, 2nd Cross, Vivekanandanagar, Khadi Commission Layout, BSK 3rd Stage, Katharigupppe Main Road, Bengaluru-560085. Mobile: 9663122276 Editor : H.L.AMARANATH
